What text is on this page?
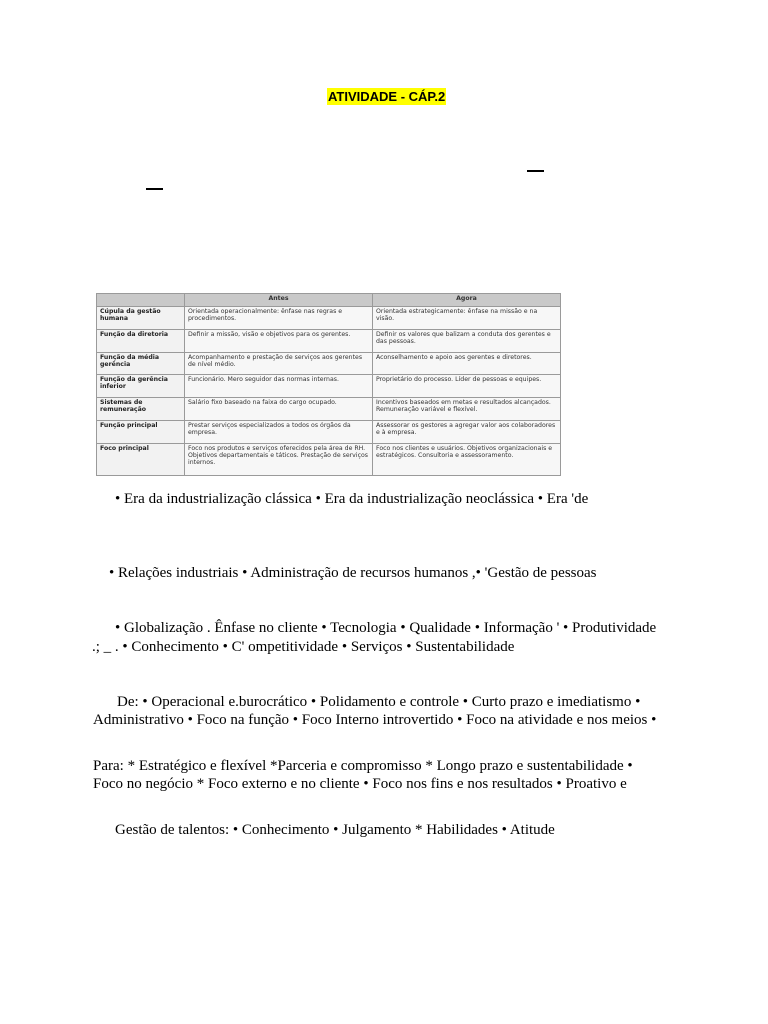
ATIVIDADE - CÁP.2
	Antes	Agora
Cúpula da gestão humana	Orientada operacionalmente: ênfase nas regras e procedimentos.	Orientada estrategicamente: ênfase na missão e na visão.
Função da diretoria	Definir a missão, visão e objetivos para os gerentes.	Definir os valores que balizam a conduta dos gerentes e das pessoas.
Função da média gerência	Acompanhamento e prestação de serviços aos gerentes de nível médio.	Aconselhamento e apoio aos gerentes e diretores.
Função da gerência inferior	Funcionário. Mero seguidor das normas internas.	Proprietário do processo. Líder de pessoas e equipes.
Sistemas de remuneração	Salário fixo baseado na faixa do cargo ocupado.	Incentivos baseados em metas e resultados alcançados. Remuneração variável e flexível.
Função principal	Prestar serviços especializados a todos os órgãos da empresa.	Assessorar os gestores a agregar valor aos colaboradores e à empresa.
Foco principal	Foco nos produtos e serviços oferecidos pela área de RH. Objetivos departamentais e táticos. Prestação de serviços internos.	Foco nos clientes e usuários. Objetivos organizacionais e estratégicos. Consultoria e assessoramento.
• Era da industrialização clássica • Era da industrialização neoclássica • Era 'de
• Relações industriais • Administração de recursos humanos ,• 'Gestão de pessoas
• Globalização . Ênfase no cliente • Tecnologia • Qualidade • Informação ' • Produtividade
.; _ . • Conhecimento • C' ompetitividade • Serviços • Sustentabilidade
De: • Operacional e.burocrático • Polidamento e controle • Curto prazo e imediatismo •
Administrativo • Foco na função • Foco Interno introvertido • Foco na atividade e nos meios •
Para: * Estratégico e flexível *Parceria e compromisso * Longo prazo e sustentabilidade •
Foco no negócio * Foco externo e no cliente • Foco nos fins e nos resultados • Proativo e
Gestão de talentos: • Conhecimento • Julgamento * Habilidades • Atitude
